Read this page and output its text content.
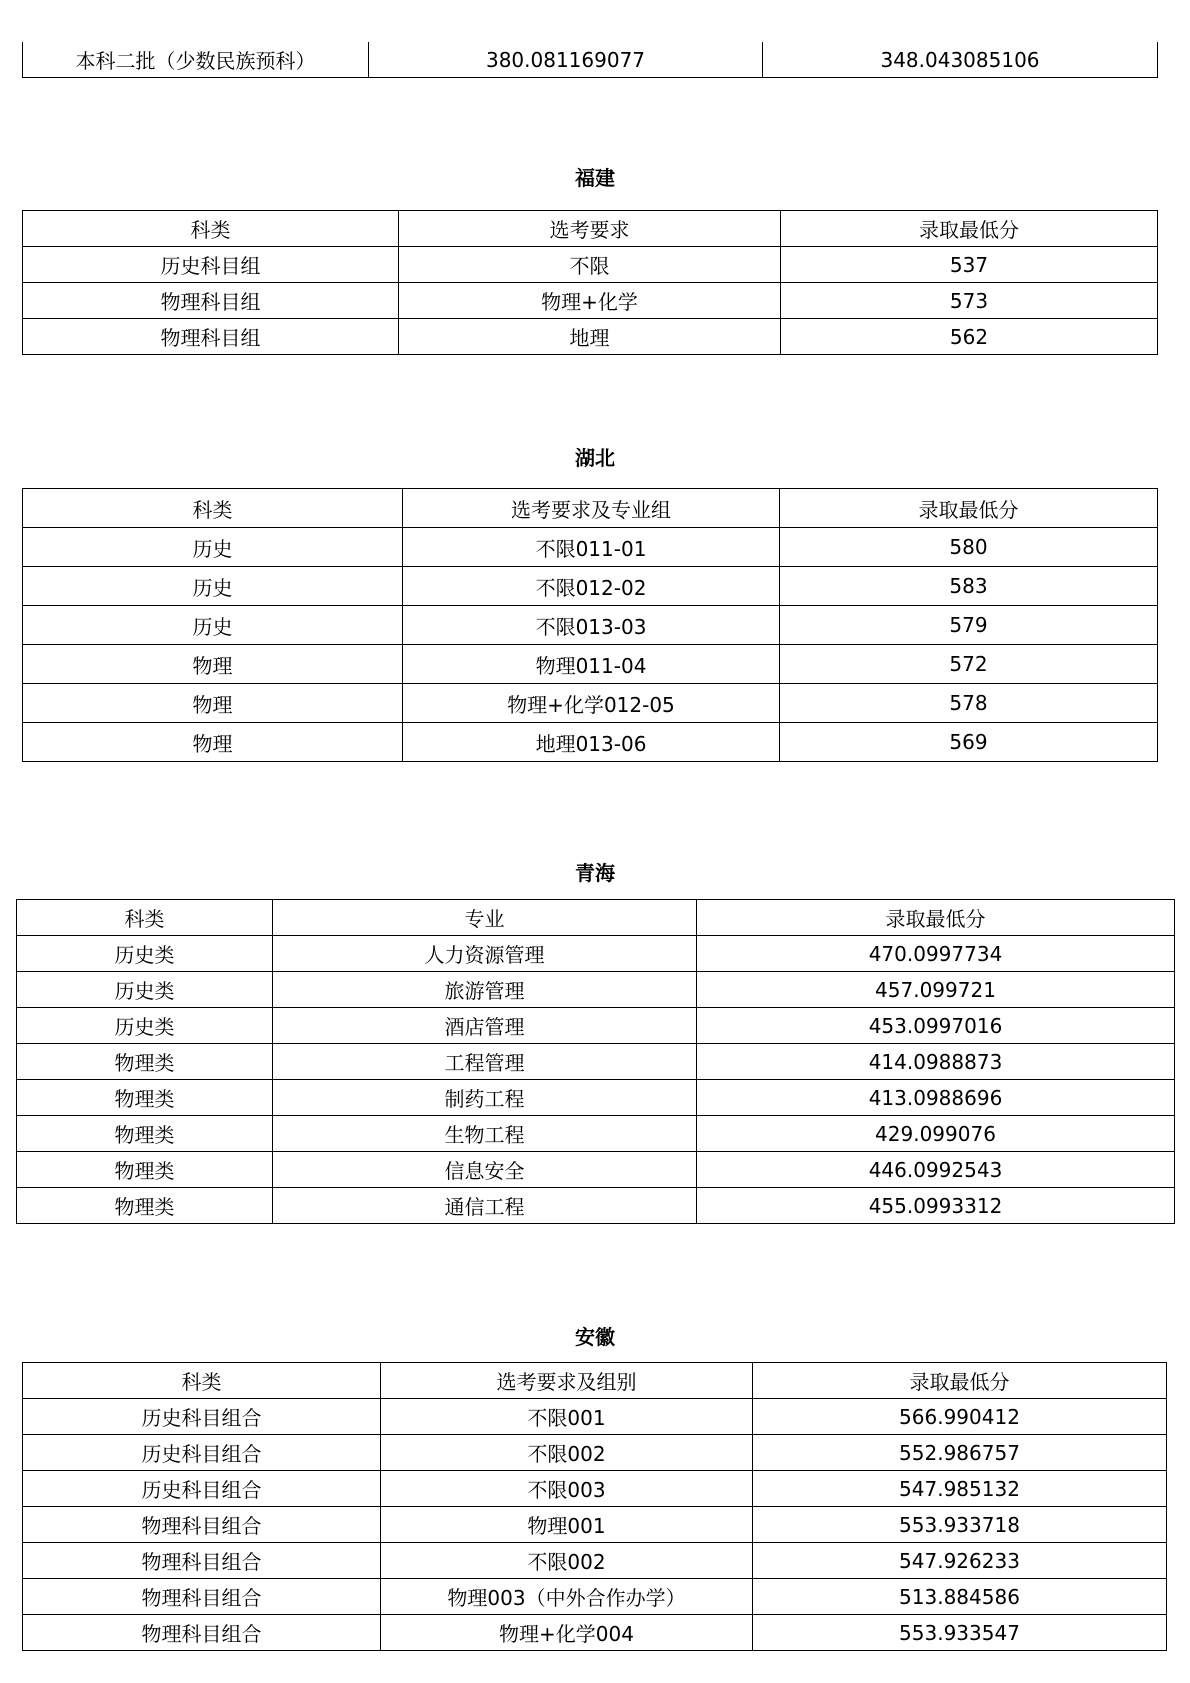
本科二批（少数民族预科）	380.081169077	348.043085106
福建
科类	选考要求	录取最低分
历史科目组	不限	537
物理科目组	物理+化学	573
物理科目组	地理	562
湖北
科类	选考要求及专业组	录取最低分
历史	不限011-01	580
历史	不限012-02	583
历史	不限013-03	579
物理	物理011-04	572
物理	物理+化学012-05	578
物理	地理013-06	569
青海
科类	专业	录取最低分
历史类	人力资源管理	470.0997734
历史类	旅游管理	457.099721
历史类	酒店管理	453.0997016
物理类	工程管理	414.0988873
物理类	制药工程	413.0988696
物理类	生物工程	429.099076
物理类	信息安全	446.0992543
物理类	通信工程	455.0993312
安徽
科类	选考要求及组别	录取最低分
历史科目组合	不限001	566.990412
历史科目组合	不限002	552.986757
历史科目组合	不限003	547.985132
物理科目组合	物理001	553.933718
物理科目组合	不限002	547.926233
物理科目组合	物理003（中外合作办学）	513.884586
物理科目组合	物理+化学004	553.933547
